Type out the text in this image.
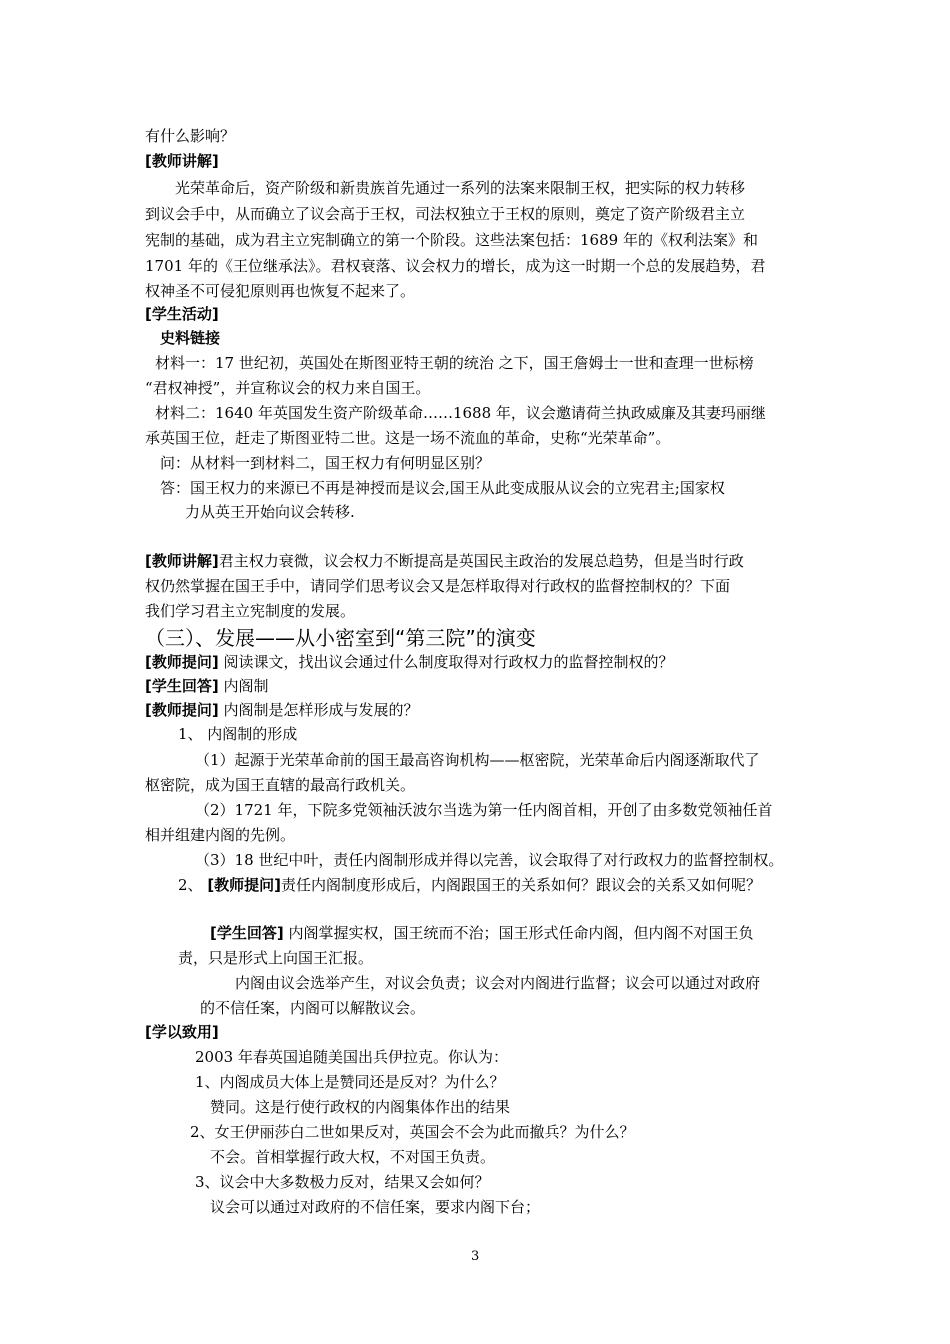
有什么影响？
[教师讲解]
光荣革命后，资产阶级和新贵族首先通过一系列的法案来限制王权，把实际的权力转移
到议会手中，从而确立了议会高于王权，司法权独立于王权的原则，奠定了资产阶级君主立
宪制的基础，成为君主立宪制确立的第一个阶段。这些法案包括：1689 年的《权利法案》和
1701 年的《王位继承法》。君权衰落、议会权力的增长，成为这一时期一个总的发展趋势，君
权神圣不可侵犯原则再也恢复不起来了。
[学生活动]
史料链接
材料一：17 世纪初，英国处在斯图亚特王朝的统治 之下，国王詹姆士一世和查理一世标榜
“君权神授”，并宣称议会的权力来自国王。
材料二：1640 年英国发生资产阶级革命……1688 年，议会邀请荷兰执政威廉及其妻玛丽继
承英国王位，赶走了斯图亚特二世。这是一场不流血的革命，史称“光荣革命”。
问：从材料一到材料二，国王权力有何明显区别？
答：国王权力的来源已不再是神授而是议会,国王从此变成服从议会的立宪君主;国家权
力从英王开始向议会转移.
[教师讲解]君主权力衰微，议会权力不断提高是英国民主政治的发展总趋势，但是当时行政
权仍然掌握在国王手中，请同学们思考议会又是怎样取得对行政权的监督控制权的？下面
我们学习君主立宪制度的发展。
（三）、发展——从小密室到“第三院”的演变
[教师提问] 阅读课文，找出议会通过什么制度取得对行政权力的监督控制权的？
[学生回答] 内阁制
[教师提问] 内阁制是怎样形成与发展的？
1、 内阁制的形成
（1）起源于光荣革命前的国王最高咨询机构——枢密院，光荣革命后内阁逐渐取代了
枢密院，成为国王直辖的最高行政机关。
（2）1721 年，下院多党领袖沃波尔当选为第一任内阁首相，开创了由多数党领袖任首
相并组建内阁的先例。
（3）18 世纪中叶，责任内阁制形成并得以完善，议会取得了对行政权力的监督控制权。
2、 [教师提问]责任内阁制度形成后，内阁跟国王的关系如何？跟议会的关系又如何呢？
[学生回答] 内阁掌握实权，国王统而不治；国王形式任命内阁，但内阁不对国王负
责，只是形式上向国王汇报。
内阁由议会选举产生，对议会负责；议会对内阁进行监督；议会可以通过对政府
的不信任案，内阁可以解散议会。
[学以致用]
2003 年春英国追随美国出兵伊拉克。你认为：
1、内阁成员大体上是赞同还是反对？为什么？
赞同。这是行使行政权的内阁集体作出的结果
2、女王伊丽莎白二世如果反对，英国会不会为此而撤兵？为什么？
不会。首相掌握行政大权，不对国王负责。
3、议会中大多数极力反对，结果又会如何？
议会可以通过对政府的不信任案，要求内阁下台；
3
